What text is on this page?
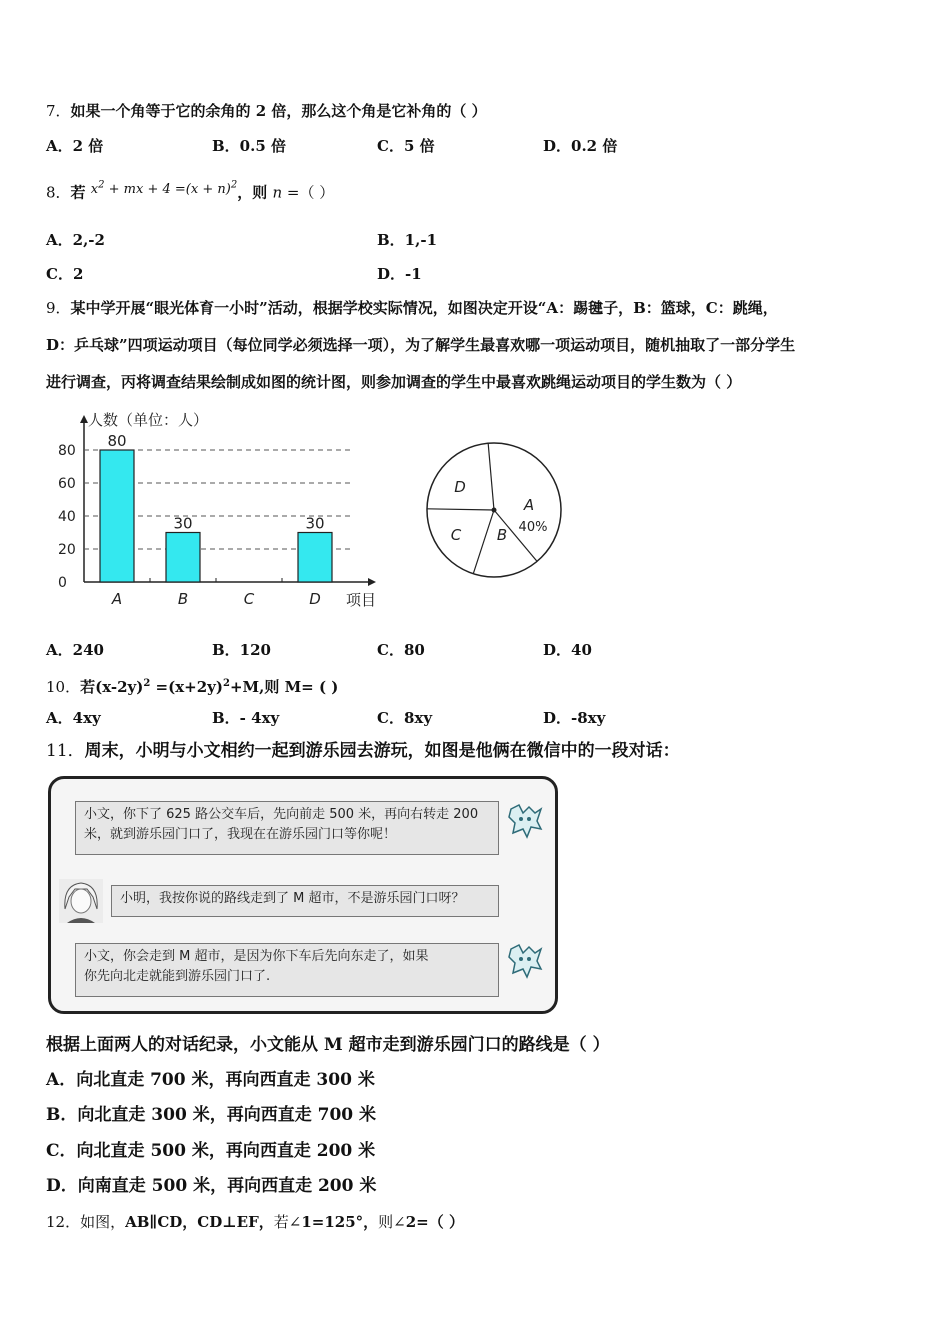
7．如果一个角等于它的余角的 2 倍，那么这个角是它补角的（ ）
A．2 倍	B．0.5 倍	C．5 倍	D．0.2 倍
8．若 $x^2$ + mx + $4 =(x + n)^2$，则 n =（ ）
A．2,-2	B．1,-1
C．2	D．-1
9．某中学开展“眼光体育一小时”活动，根据学校实际情况，如图决定开设“A：踢毽子，B：篮球，C：跳绳，
D：乒乓球”四项运动项目（每位同学必须选择一项），为了解学生最喜欢哪一项运动项目，随机抽取了一部分学生
进行调查，丙将调查结果绘制成如图的统计图，则参加调查的学生中最喜欢跳绳运动项目的学生数为（ ）
人数（单位：人）
项目
0
20
40
60
80
80
A
30
B	C
30
D
A
B
C
D
40%
A．240	B．120	C．80	D．40
10．若$(x-2y)^2 =(x+2y)^2+M$,则 M= ( )
A．4xy	B．- 4xy	C．8xy	D．-8xy
11．周末，小明与小文相约一起到游乐园去游玩，如图是他俩在微信中的一段对话：
小文，你下了 625 路公交车后，先向前走 500 米，再向右转走 200
米，就到游乐园门口了，我现在在游乐园门口等你呢！
小明，我按你说的路线走到了 M 超市，不是游乐园门口呀？
小文，你会走到 M 超市，是因为你下车后先向东走了，如果
你先向北走就能到游乐园门口了.
根据上面两人的对话纪录，小文能从 M 超市走到游乐园门口的路线是（ ）
A．向北直走 700 米，再向西直走 300 米
B．向北直走 300 米，再向西直走 700 米
C．向北直走 500 米，再向西直走 200 米
D．向南直走 500 米，再向西直走 200 米
12．如图，AB∥CD，CD⊥EF，若∠1=125°，则∠2=（ ）
